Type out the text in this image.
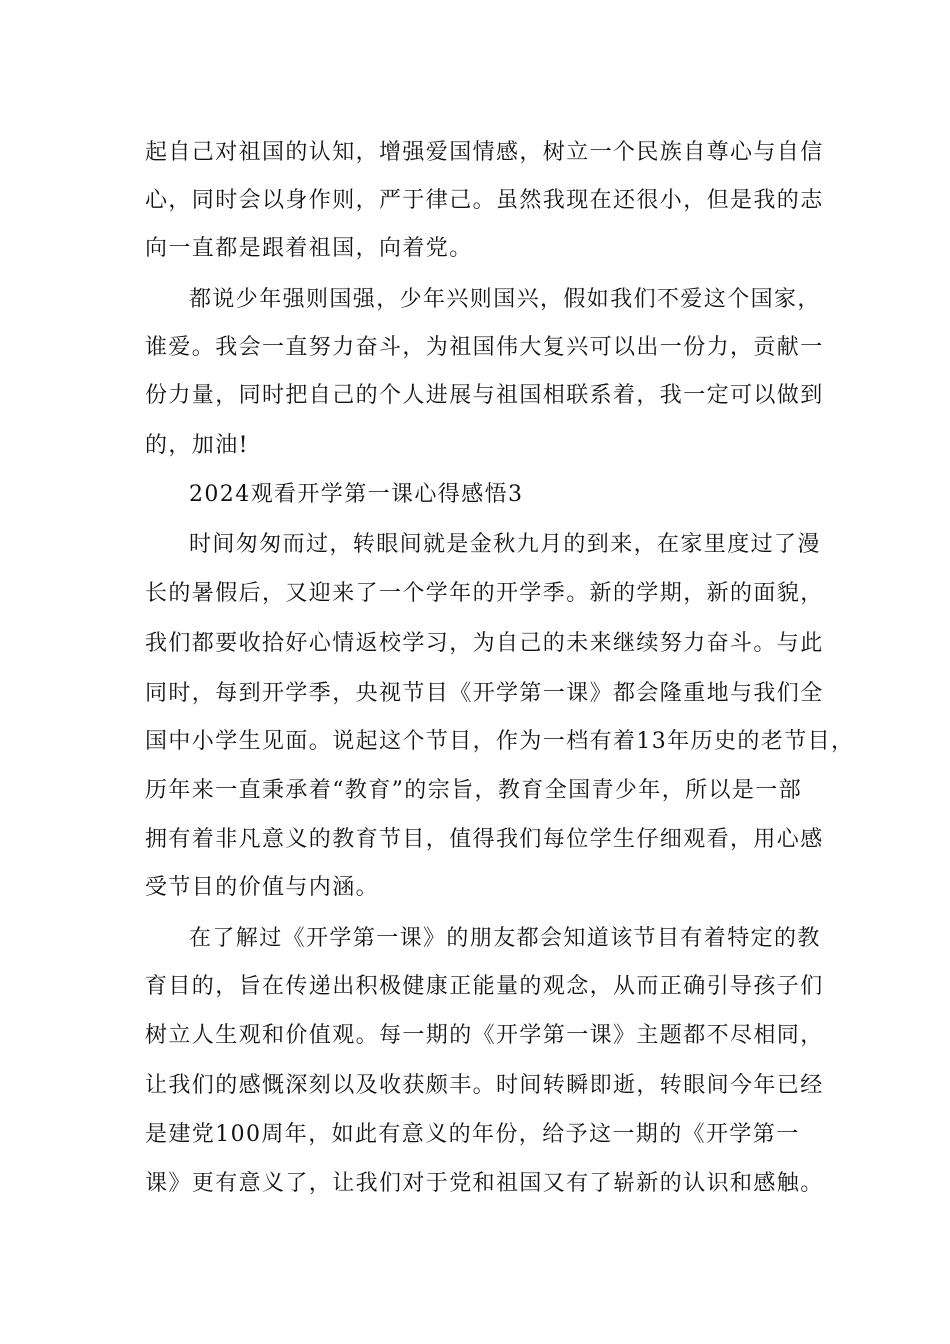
起自己对祖国的认知，增强爱国情感，树立一个民族自尊心与自信
心，同时会以身作则，严于律己。虽然我现在还很小，但是我的志
向一直都是跟着祖国，向着党。
都说少年强则国强，少年兴则国兴，假如我们不爱这个国家，
谁爱。我会一直努力奋斗，为祖国伟大复兴可以出一份力，贡献一
份力量，同时把自己的个人进展与祖国相联系着，我一定可以做到
的，加油!
2024观看开学第一课心得感悟3
时间匆匆而过，转眼间就是金秋九月的到来，在家里度过了漫
长的暑假后，又迎来了一个学年的开学季。新的学期，新的面貌，
我们都要收拾好心情返校学习，为自己的未来继续努力奋斗。与此
同时，每到开学季，央视节目《开学第一课》都会隆重地与我们全
国中小学生见面。说起这个节目，作为一档有着13年历史的老节目，
历年来一直秉承着“教育”的宗旨，教育全国青少年，所以是一部
拥有着非凡意义的教育节目，值得我们每位学生仔细观看，用心感
受节目的价值与内涵。
在了解过《开学第一课》的朋友都会知道该节目有着特定的教
育目的，旨在传递出积极健康正能量的观念，从而正确引导孩子们
树立人生观和价值观。每一期的《开学第一课》主题都不尽相同，
让我们的感慨深刻以及收获颇丰。时间转瞬即逝，转眼间今年已经
是建党100周年，如此有意义的年份，给予这一期的《开学第一
课》更有意义了，让我们对于党和祖国又有了崭新的认识和感触。
